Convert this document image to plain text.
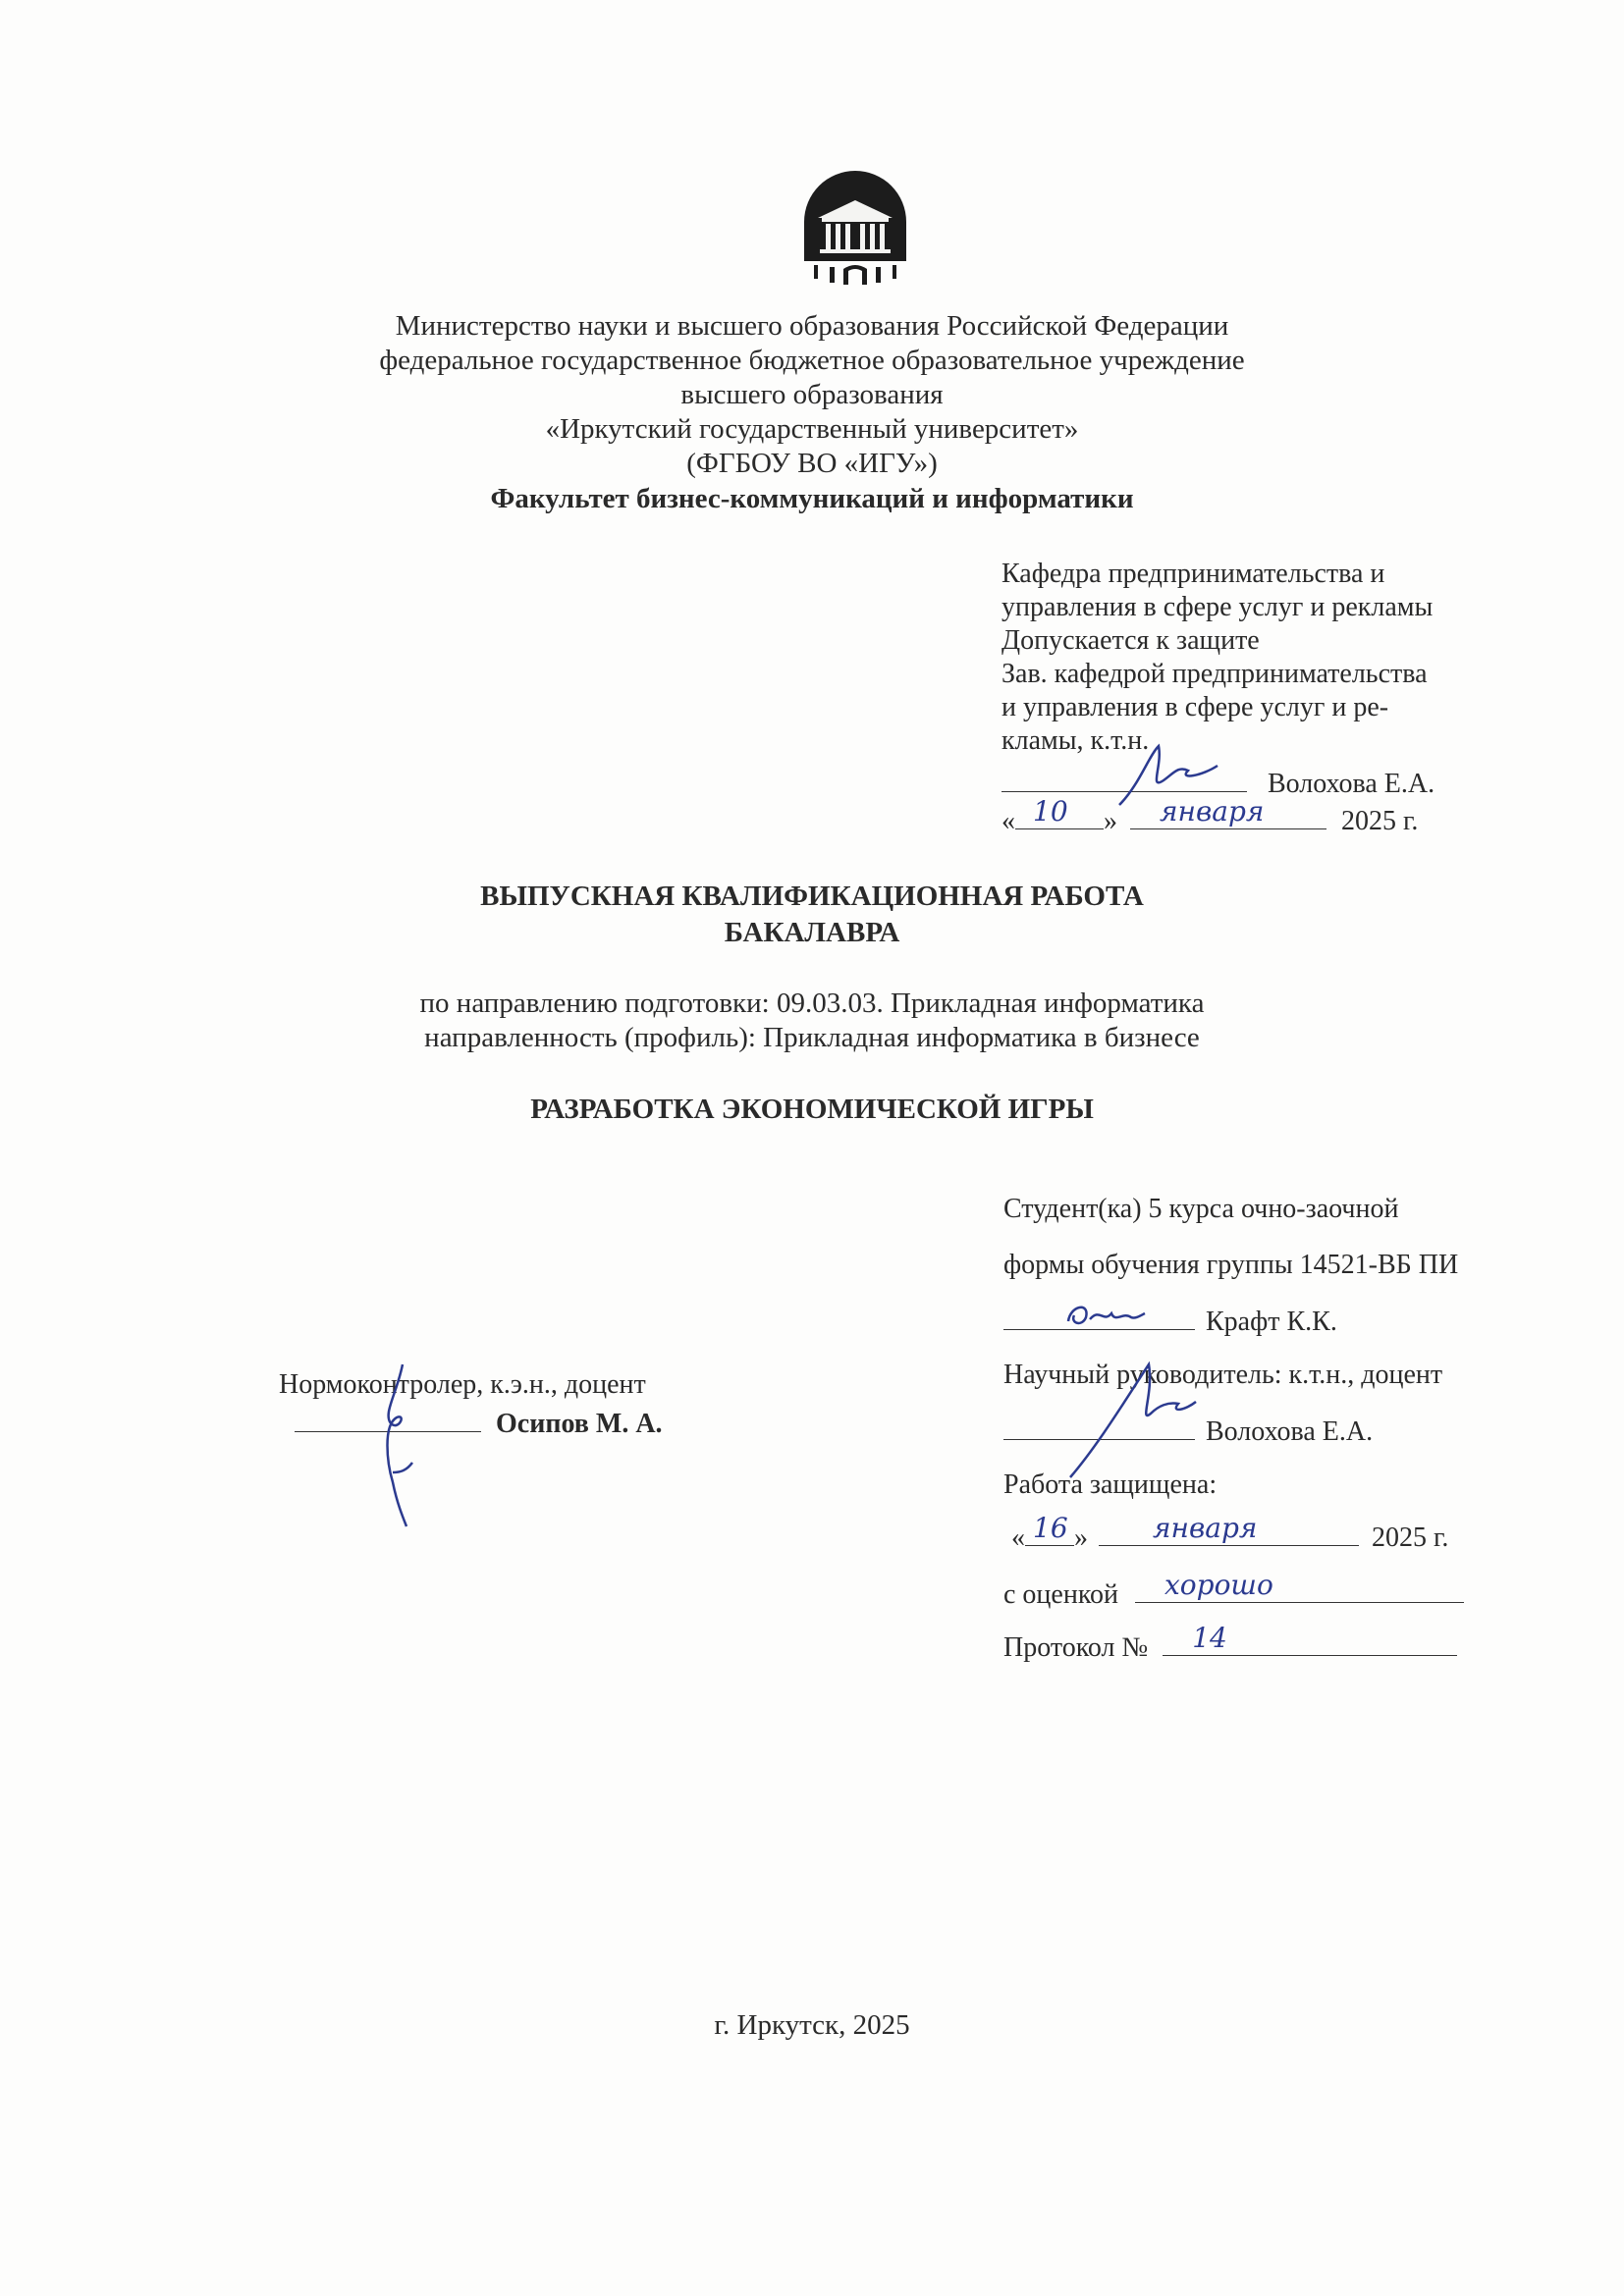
Министерство науки и высшего образования Российской Федерации
федеральное государственное бюджетное образовательное учреждение
высшего образования
«Иркутский государственный университет»
(ФГБОУ ВО «ИГУ»)
Факультет бизнес-коммуникаций и информатики
Кафедра предпринимательства и
управления в сфере услуг и рекламы
Допускается к защите
Зав. кафедрой предпринимательства
и управления в сфере услуг и ре-
кламы, к.т.н.
Волохова Е.А.
« 10 » января	2025 г.
ВЫПУСКНАЯ КВАЛИФИКАЦИОННАЯ РАБОТА
БАКАЛАВРА
по направлению подготовки: 09.03.03. Прикладная информатика
направленность (профиль): Прикладная информатика в бизнесе
РАЗРАБОТКА ЭКОНОМИЧЕСКОЙ ИГРЫ
Студент(ка) 5 курса очно-заочной
формы обучения группы 14521-ВБ ПИ
Крафт К.К.
Научный руководитель: к.т.н., доцент
Волохова Е.А.
Работа защищена:
« 16 » января	2025 г.
с оценкой хорошо
Протокол № 14
Нормоконтролер, к.э.н., доцент
Осипов М. А.
г. Иркутск, 2025
